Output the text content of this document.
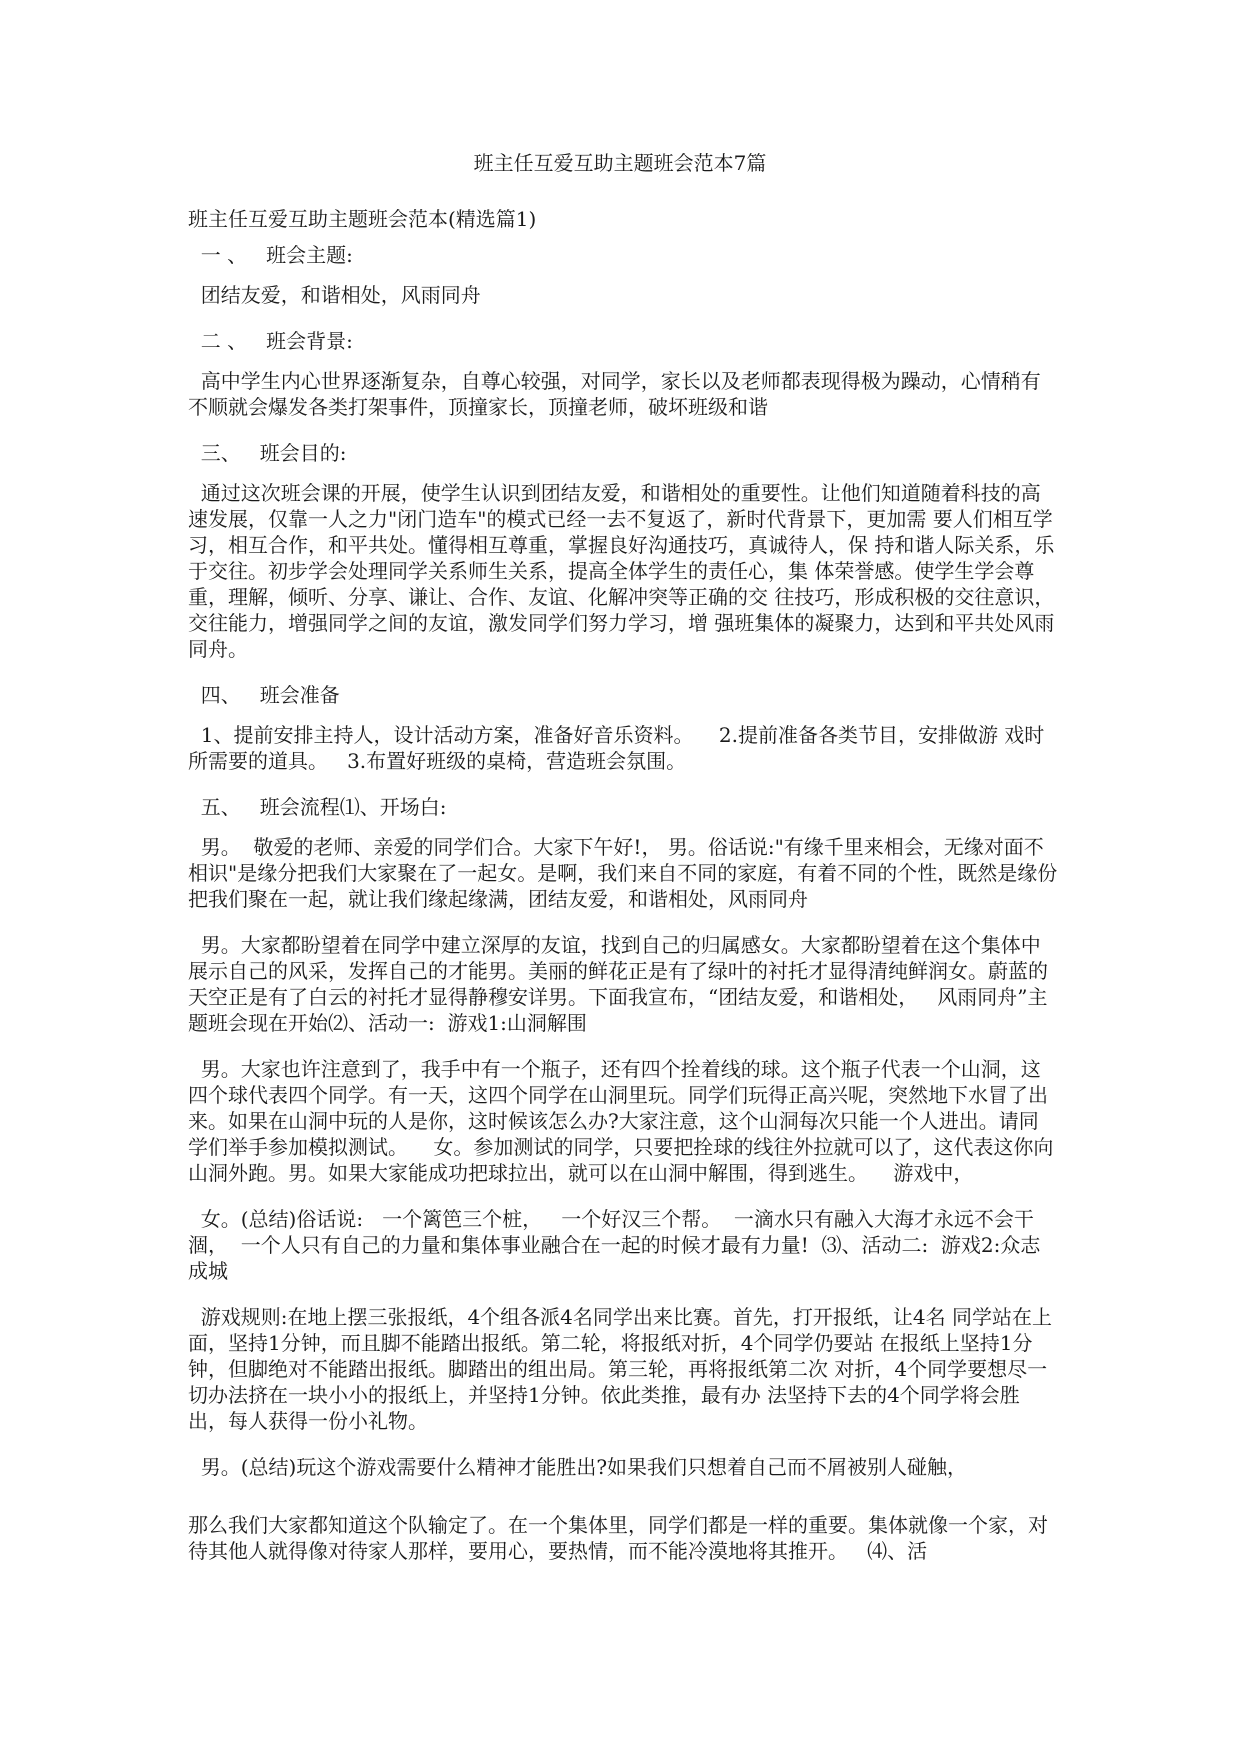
班主任互爱互助主题班会范本7篇

班主任互爱互助主题班会范本(精选篇1)

一 、   班会主题:

团结友爱，和谐相处，风雨同舟

二 、   班会背景:

高中学生内心世界逐渐复杂，自尊心较强，对同学，家长以及老师都表现得极为躁动，心情稍有不顺就会爆发各类打架事件，顶撞家长，顶撞老师，破坏班级和谐

三、   班会目的:

通过这次班会课的开展，使学生认识到团结友爱，和谐相处的重要性。让他们知道随着科技的高速发展，仅靠一人之力"闭门造车"的模式已经一去不复返了，新时代背景下，更加需 要人们相互学习，相互合作，和平共处。懂得相互尊重，掌握良好沟通技巧，真诚待人，保 持和谐人际关系，乐于交往。初步学会处理同学关系师生关系，提高全体学生的责任心，集 体荣誉感。使学生学会尊重，理解，倾听、分享、谦让、合作、友谊、化解冲突等正确的交 往技巧，形成积极的交往意识，交往能力，增强同学之间的友谊，激发同学们努力学习，增 强班集体的凝聚力，达到和平共处风雨同舟。

四、   班会准备

1、提前安排主持人，设计活动方案，准备好音乐资料。    2.提前准备各类节目，安排做游 戏时所需要的道具。   3.布置好班级的桌椅，营造班会氛围。

五、   班会流程⑴、开场白:

男。  敬爱的老师、亲爱的同学们合。大家下午好!， 男。俗话说:"有缘千里来相会，无缘对面不相识"是缘分把我们大家聚在了一起女。是啊，我们来自不同的家庭，有着不同的个性，既然是缘份把我们聚在一起，就让我们缘起缘满，团结友爱，和谐相处，风雨同舟

男。大家都盼望着在同学中建立深厚的友谊，找到自己的归属感女。大家都盼望着在这个集体中展示自己的风采，发挥自己的才能男。美丽的鲜花正是有了绿叶的衬托才显得清纯鲜润女。蔚蓝的天空正是有了白云的衬托才显得静穆安详男。下面我宣布，“团结友爱，和谐相处，   风雨同舟”主题班会现在开始⑵、活动一:  游戏1:山洞解围

男。大家也许注意到了，我手中有一个瓶子，还有四个拴着线的球。这个瓶子代表一个山洞，这四个球代表四个同学。有一天，这四个同学在山洞里玩。同学们玩得正高兴呢，突然地下水冒了出来。如果在山洞中玩的人是你，这时候该怎么办?大家注意，这个山洞每次只能一个人进出。请同学们举手参加模拟测试。    女。参加测试的同学，只要把拴球的线往外拉就可以了，这代表这你向山洞外跑。男。如果大家能成功把球拉出，就可以在山洞中解围，得到逃生。    游戏中，

女。(总结)俗话说:   一个篱笆三个桩，   一个好汉三个帮。  一滴水只有融入大海才永远不会干涸，  一个人只有自己的力量和集体事业融合在一起的时候才最有力量!  ⑶、活动二:  游戏2:众志成城

游戏规则:在地上摆三张报纸，4个组各派4名同学出来比赛。首先，打开报纸，让4名 同学站在上面，坚持1分钟，而且脚不能踏出报纸。第二轮，将报纸对折，4个同学仍要站 在报纸上坚持1分钟，但脚绝对不能踏出报纸。脚踏出的组出局。第三轮，再将报纸第二次 对折，4个同学要想尽一切办法挤在一块小小的报纸上，并坚持1分钟。依此类推，最有办 法坚持下去的4个同学将会胜出，每人获得一份小礼物。

男。(总结)玩这个游戏需要什么精神才能胜出?如果我们只想着自己而不屑被别人碰触，

那么我们大家都知道这个队输定了。在一个集体里，同学们都是一样的重要。集体就像一个家，对待其他人就得像对待家人那样，要用心，要热情，而不能冷漠地将其推开。   ⑷、活
